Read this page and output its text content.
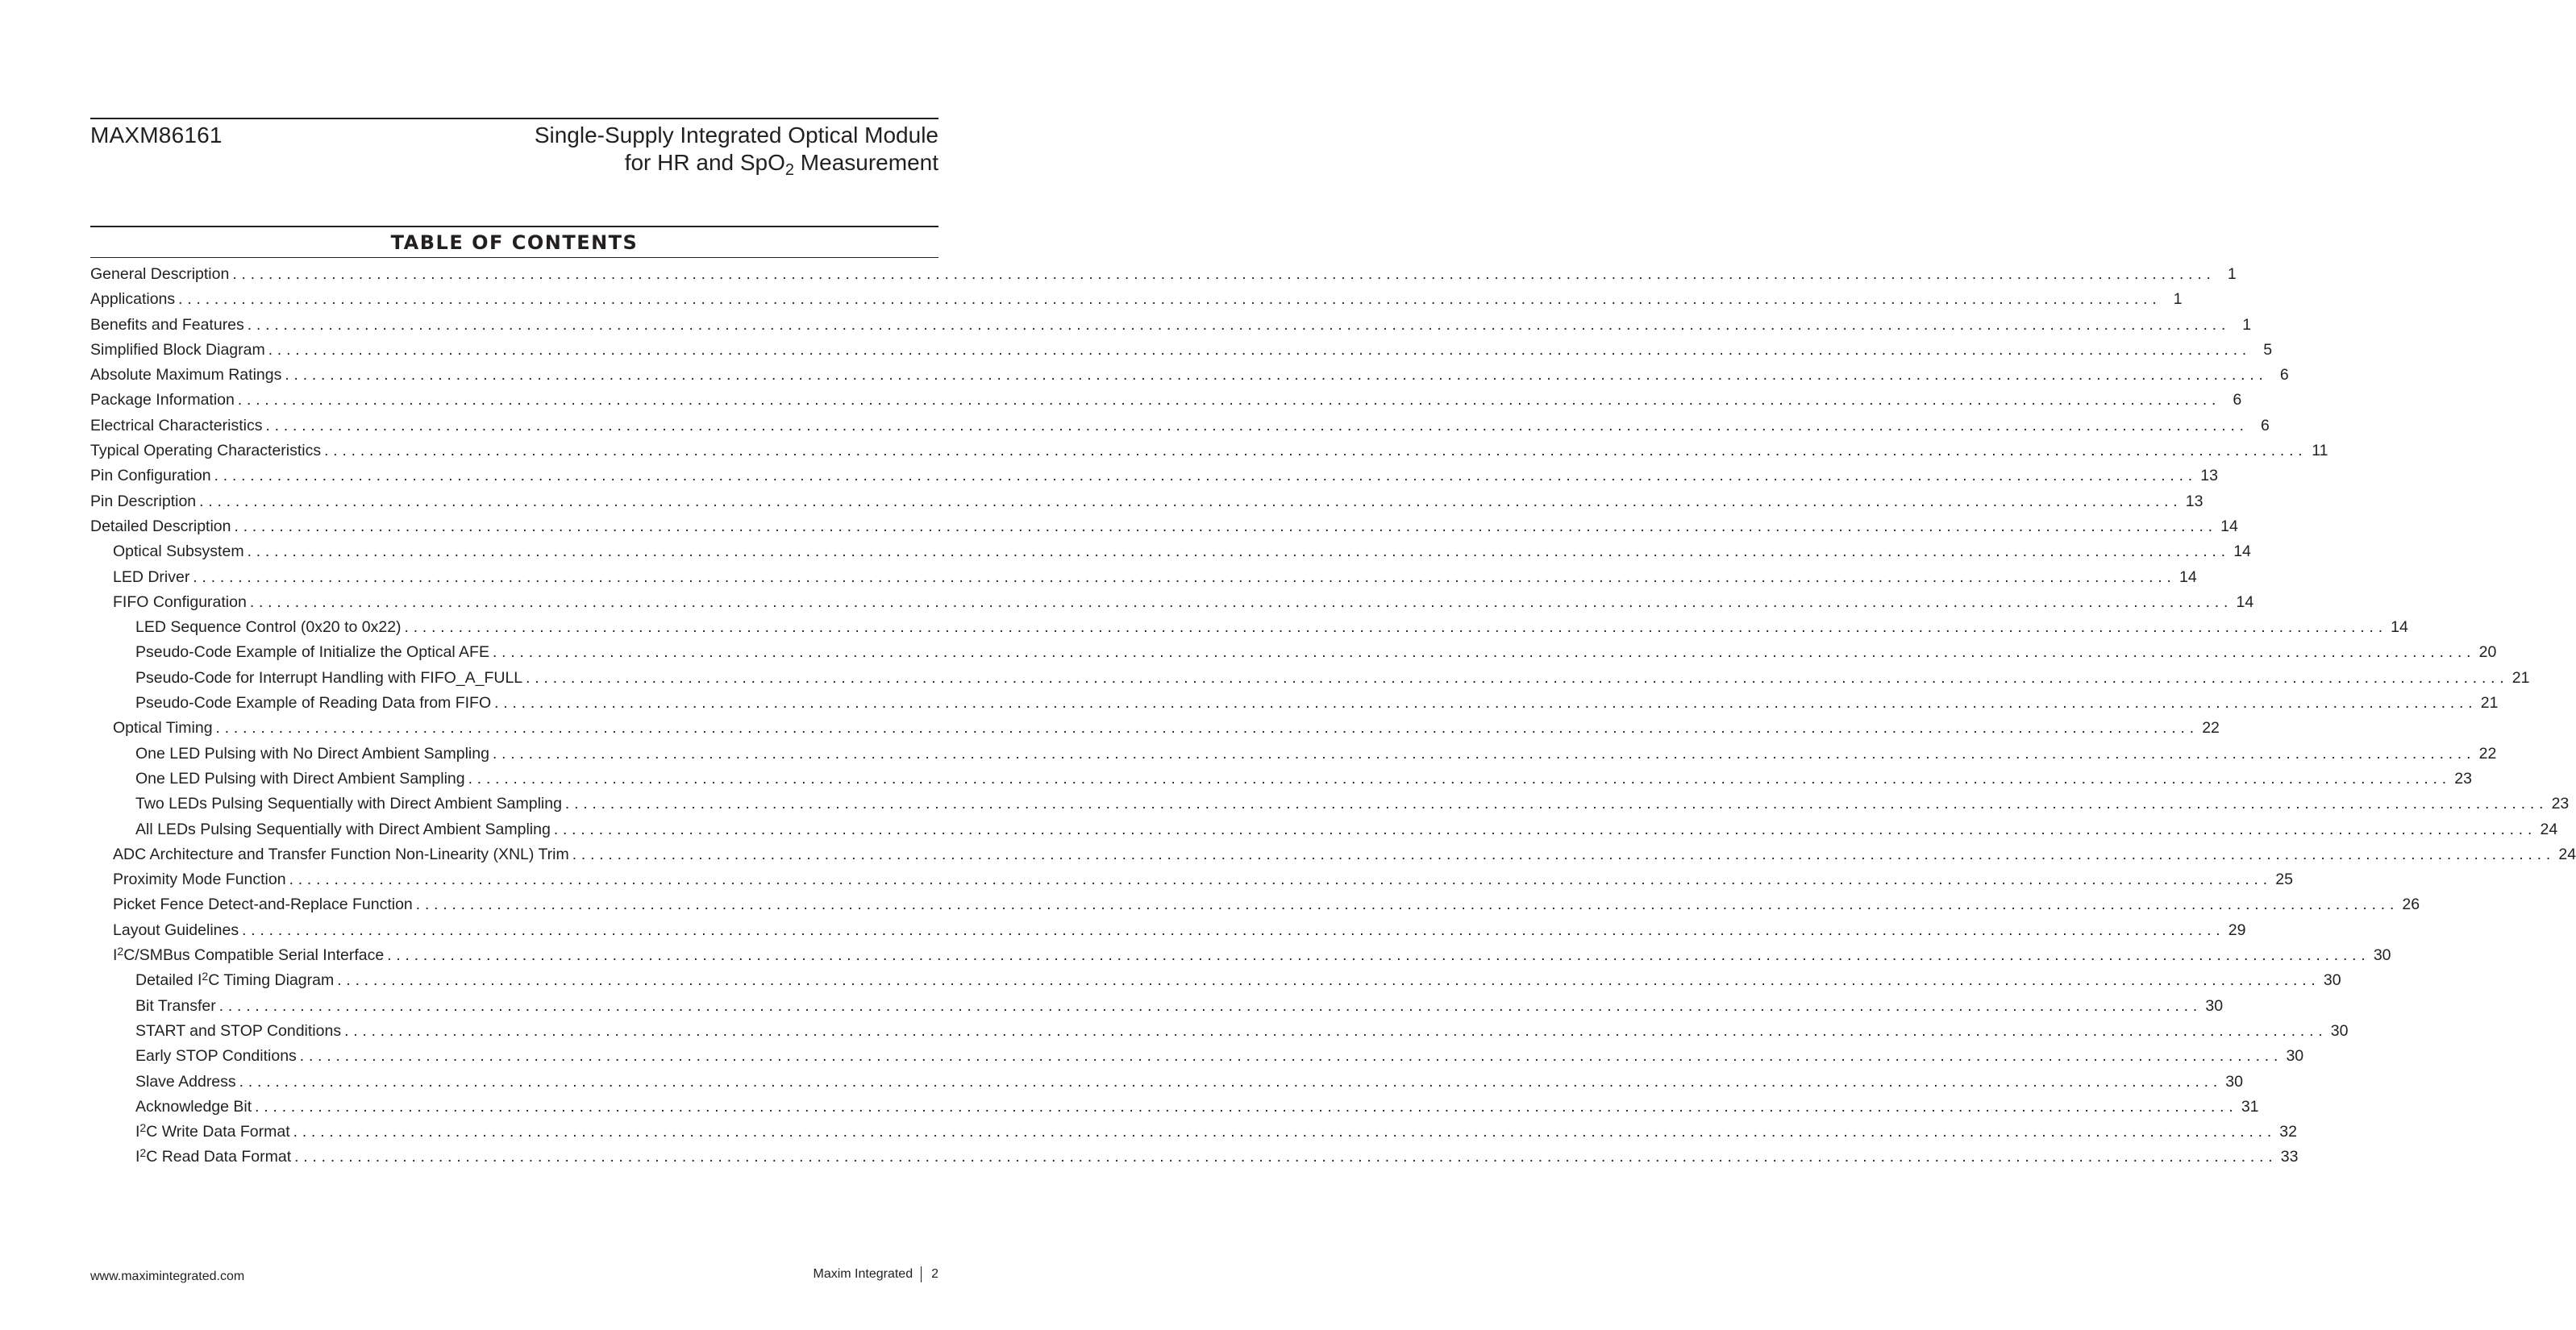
MAXM86161	Single-Supply Integrated Optical Module
for HR and SpO$_2$ Measurement
TABLE OF CONTENTS
General Description ............................................................................................................................................................................................................................ 1
Applications ............................................................................................................................................................................................................................ 1
Benefits and Features ............................................................................................................................................................................................................................ 1
Simplified Block Diagram ............................................................................................................................................................................................................................ 5
Absolute Maximum Ratings ............................................................................................................................................................................................................................ 6
Package Information ............................................................................................................................................................................................................................ 6
Electrical Characteristics ............................................................................................................................................................................................................................ 6
Typical Operating Characteristics ............................................................................................................................................................................................................................ 11
Pin Configuration ............................................................................................................................................................................................................................ 13
Pin Description ............................................................................................................................................................................................................................ 13
Detailed Description ............................................................................................................................................................................................................................ 14
Optical Subsystem ............................................................................................................................................................................................................................ 14
LED Driver ............................................................................................................................................................................................................................ 14
FIFO Configuration ............................................................................................................................................................................................................................ 14
LED Sequence Control (0x20 to 0x22) ............................................................................................................................................................................................................................ 14
Pseudo-Code Example of Initialize the Optical AFE ............................................................................................................................................................................................................................ 20
Pseudo-Code for Interrupt Handling with FIFO_A_FULL ............................................................................................................................................................................................................................ 21
Pseudo-Code Example of Reading Data from FIFO ............................................................................................................................................................................................................................ 21
Optical Timing ............................................................................................................................................................................................................................ 22
One LED Pulsing with No Direct Ambient Sampling ............................................................................................................................................................................................................................ 22
One LED Pulsing with Direct Ambient Sampling ............................................................................................................................................................................................................................ 23
Two LEDs Pulsing Sequentially with Direct Ambient Sampling ............................................................................................................................................................................................................................ 23
All LEDs Pulsing Sequentially with Direct Ambient Sampling ............................................................................................................................................................................................................................ 24
ADC Architecture and Transfer Function Non-Linearity (XNL) Trim ............................................................................................................................................................................................................................ 24
Proximity Mode Function ............................................................................................................................................................................................................................ 25
Picket Fence Detect-and-Replace Function ............................................................................................................................................................................................................................ 26
Layout Guidelines ............................................................................................................................................................................................................................ 29
$I^2C$/SMBus Compatible Serial Interface ............................................................................................................................................................................................................................ 30
Detailed $I^2C$ Timing Diagram ............................................................................................................................................................................................................................ 30
Bit Transfer ............................................................................................................................................................................................................................ 30
START and STOP Conditions ............................................................................................................................................................................................................................ 30
Early STOP Conditions ............................................................................................................................................................................................................................ 30
Slave Address ............................................................................................................................................................................................................................ 30
Acknowledge Bit ............................................................................................................................................................................................................................ 31
$I^2C$ Write Data Format ............................................................................................................................................................................................................................ 32
$I^2C$ Read Data Format ............................................................................................................................................................................................................................ 33
www.maximintegrated.com	Maxim Integrated 2
